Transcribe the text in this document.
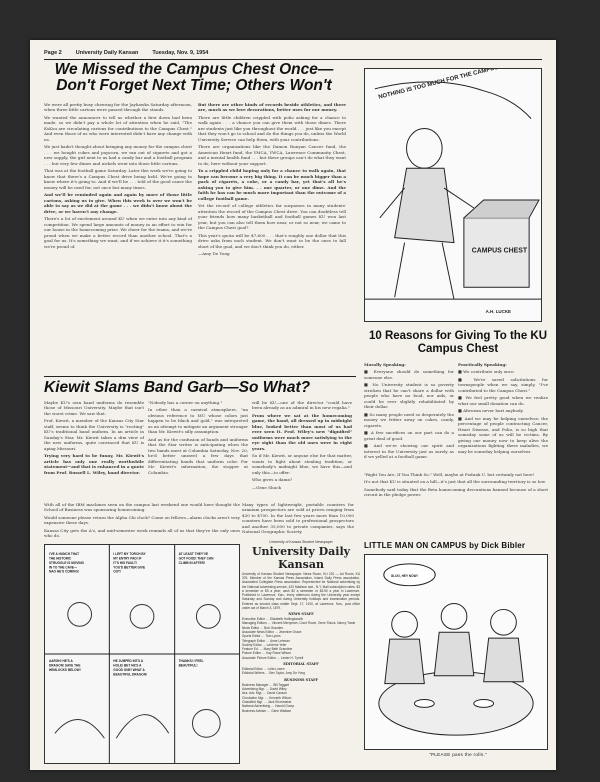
Page 2	University Daily Kansan	Tuesday, Nov. 9, 1954
We Missed the Campus Chest Once— Don't Forget Next Time; Others Won't

We were all pretty busy cheering for the Jayhawks Saturday afternoon, when three little cartons were passed through the stands.

We wanted the announcer to tell us whether a first down had been made, so we didn't pay a whole lot of attention when he said, "The KsKsu are circulating cartons for contributions to the Campus Chest." And even those of us who were interested didn't have any change with us.

We just hadn't thought about bringing any money for the campus chest . . . we bought cokes and popcorn, we ran out of cigarets and got a new supply, the girl next to us had a candy bar and a football program . . . but very few dimes and nickels went into those little cartons.

That was at the football game Saturday. Later this week we're going to know that there's a Campus Chest drive being held. We're going to know where it's going to. And if we'll be . . . told of the good cause the money will be used for, not once but many times.

And we'll be reminded again and again by more of those little cartons, asking us to give. When this week is over we won't be able to say as we did at the game . . . we didn't know about the drive, or we haven't any change.

There's a lot of excitement around KU when we enter into any kind of competition. We spend large amounts of money in an effort to win for our house in the homecoming prize. We cheer for the teams, and we're proud when we make a better record than another school. That's a goal for us. It's something we want, and if we achieve it it's something we're proud of.

But there are other kinds of records beside athletics, and there are, much as we love decorations, better uses for our money.

There are little children crippled with polio asking for a chance to walk again . . . a chance you can give them with those dimes. There are students just like you throughout the world . . . just like you except that they won't go to school and do the things you do, unless the World University Service can help them, with your contributions.

There are organizations like the Damon Runyan Cancer fund, the American Heart fund, the YMCA, YWCA, Lawrence Community Chest, and a mental health fund . . . but these groups can't do what they want to do, here without your support.

To a crippled child hoping only for a chance to walk again, that hope can become a very big thing. It can be much bigger than a pack of cigarets, a coke, or a candy bar, yet that's all he's asking you to give him. . . one quarter, or one dime. And the faith he has can be much more important than the outcome of a college football game.

Yet the record of college athletics far surpasses in many students' attention the record of the Campus Chest drive. You can doubtless tell your friends how many basketball and football games KU won last year, but you can also tell them how near, or not so near, we came to the Campus Chest goal?

This year's quota will be $7,600 . . . that's roughly one dollar that this drive asks from each student. We don't want to be the ones to fall short of the goal, and we don't think you do, either.

—Amy De Yong	CAMPUS CHEST
A.H. LUCKE
10 Reasons for Giving To the KU Campus Chest

Morally Speaking:

■ Everyone should do something for someone else.

■ No University student is so poverty stricken that he can't share a dollar with people who have no food, nor aids, or could be ever slightly rehabilitated by their dollar.

■ So many people need so desperately the money we fritter away on cokes, candy, cigarets.

■ A few sacrifices on our part can do a great deal of good.

■ And we're showing our spirit and interest in the University just as surely as if we yelled at a football game.

Practically Speaking:

■ We contribute only once.

■ We're saved solicitations for townspeople when we say, simply, "I've contributed to the Campus Chest."

■ We feel pretty good when we realize what our small donation can do.

■ Altruism never hurt anybody.

■ And we may be helping ourselves: the percentage of people contracting Cancer, Heart Disease, and Polio, is so high that someday some of us will be victims. By giving our money now to keep alive the organizations fighting these maladies, we may be someday helping ourselves.

"Right You Are, If You Think So." Well, maybe at Podunk U. but certainly not here!

It's not that KU is situated on a hill—it's just that all the surrounding territory is so low.

Somebody said today that the Beta homecoming decorations banned because of a short circuit in the pledge power.

Kiewit Slams Band Garb—So What?

Maybe KU's own band uniforms do resemble those of Missouri University. Maybe that isn't the worst crime. We saw that.

Prof. Kiewit, a member of the Kansas City Star staff, seems to think the University is "rooting" KU's traditional band uniform. In an article in Sunday's Star, Mr. Kiewit takes a dim view of the new uniforms, quite convinced that KU is aping Missouri.

Trying very hard to be funny, Mr. Kiewit's article has only one really worthwhile statement—and that is enhanced in a quote from Prof. Russell L. Wiley, band director.

"Nobody has a corner on anything."

In other than a carnival atmosphere, "an obvious reference to MU whose colors just happen to be black and gold," was interpreted as an attempt to mitigate an argument stronger than Mr. Kiewit's silly assumption.

And as for the confusion of bands and uniforms that the Star writes is anticipating when the two bands meet at Columbia Saturday, Nov. 20, he'd better unravel a few days that differentiating bands that uniform color. For Mr. Kiewit's information, the stopper at Columbia.

will be KU—one of the director "could have been already as an admiral in his new regalia."

From where we sat at the homecoming game, the band, all dressed up in midnight blue, looked better than most of us had ever seen it. Prof. Wiley's new "dignified" uniforms were much more satisfying to the eye sight than the old ones were in eight years.

So if Mr. Kiewit, or anyone else for that matter, wants to fight about stealing tradition, or somebody's midnight blue, we have this—and only this—to offer:

Who gives a damn?

—Gene Shuck

With all of the IBM machines seen on the campus last weekend one would have thought the School of Business was sponsoring homecoming.

Would someone please return the Alpha Chi clock? Come on fellows—alarm clocks aren't very expensive these days.

Kansas City gets the A's, and mid-semester week reminds all of us that they're the only ones who do.

Many types of lightweight, portable counters for uranium prospectors are sold at prices ranging from $30 to $700. In the last few years more than 10,000 counters have been sold to professional prospectors and another 35,000 to private companies, says the National Geographic Society.

I'VE A HUNCH THAT THE HISTORIC STRUGGLE IS MOVING IN TO THE CAVE— NAO HE'S COMING!
I LEFT MY TORCH BY MY ENTRY PAD! IF IT'S HIS FAULT! YOU'D BETTER GIVE OUT!
AT LEAST THEY'VE GOT FOOD! THEY CAN CLIMB IN AFTER!
AARGH! HE'S A DRAGON! SAVE THE HEMLOCKS BELOW!
HE JUMPED INTO A HOLE! BET HE'S A GOOD ONE! WHAT A BEAUTIFUL DRAGON!
THANKS! I FEEL BEAUTIFUL!
University of Kansas Student Newspaper
University Daily Kansan
University of Kansas Student Newspaper. News Room, KU 251 — Ad Room, KU 376. Member of the Kansas Press Association, Inland Daily Press association, Associated Collegiate Press association. Represented for National advertising by the National Advertising service, 420 Madison ave., N.Y. Mail subscription rates: $3 a semester or $5 a year; cash $2 a semester or $3.50 a year in Lawrence. Published in Lawrence, Kan., every afternoon during the University year except Saturday and Sunday and during University holidays and examination periods. Entered as second class matter Sept. 17, 1910, at Lawrence, Kan., post office under act of March 3, 1879.
NEWS STAFF
Executive Editor … Elizabeth Hollingsworth
Managing Editors … Vincent Merryman, Court Rowe, Gene Shuck, Nancy Towle
News Editor … Bob Grandes
Associate News Editor … Jeannine Grace
Sports Editor … Tom Lyons
Telegraph Editor … Anne Lehman
Society Editor … LaVerne Yeler
Feature Ed. … Mary Beth Grandine
Picture Editor … Kay Rowe Wilson
Associate Picture Editor … Lester H. Tyrrell
EDITORIAL STAFF
Editorial Editor … Leila Lowen
Editorial Writers … Bev Taylor, Amy De Yong
BUSINESS STAFF
Business Manager … Bill Taggart
Advertising Mgr. … David Wiley
Ass. Adv. Mgr. … David Casson
Circulation Mgr. … Kenneth Wilson
Classified Mgr. … Jack Shoemaker
National Advertising … Harold Gump
Business Adviser … Gene Wallace
LITTLE MAN ON CAMPUS by Dick Bibler
GLUG, HEY NOW!
"PLEASE pass the rolls."
